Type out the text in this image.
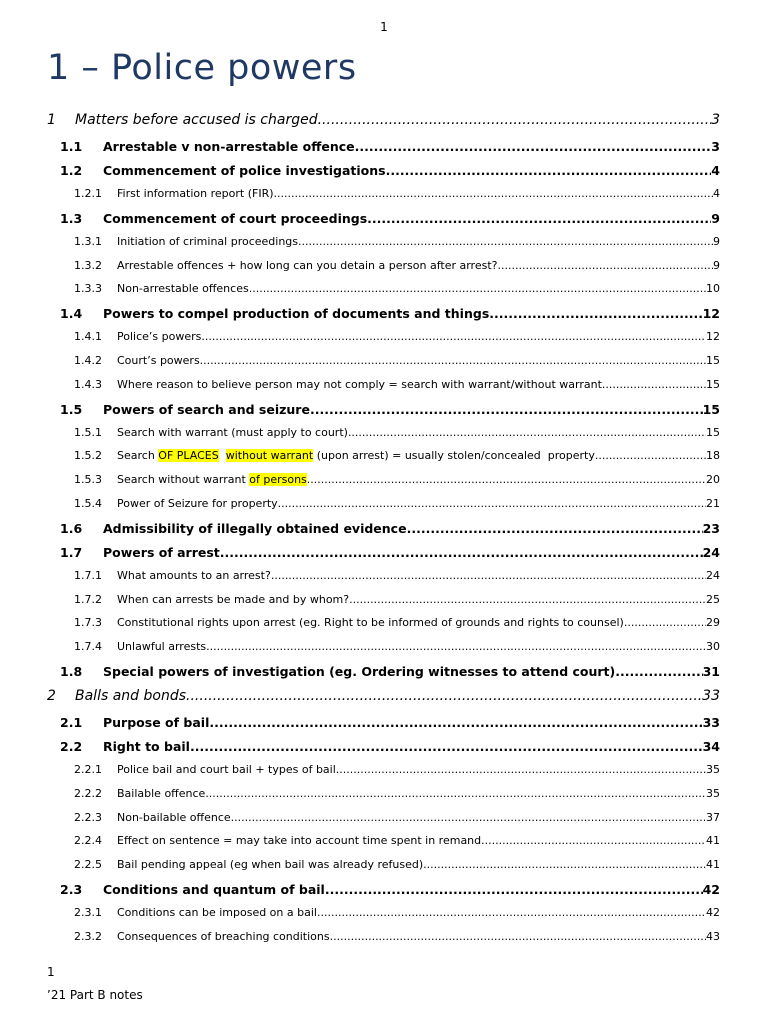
1
1 – Police powers
1	Matters before accused is charged .....	3
1.1	Arrestable v non-arrestable offence .....	3
1.2	Commencement of police investigations .....	4
1.2.1	First information report (FIR) .....	4
1.3	Commencement of court proceedings .....	9
1.3.1	Initiation of criminal proceedings .....	9
1.3.2	Arrestable offences + how long can you detain a person after arrest? .....	9
1.3.3	Non-arrestable offences .....	10
1.4	Powers to compel production of documents and things .....	12
1.4.1	Police’s powers .....	12
1.4.2	Court’s powers .....	15
1.4.3	Where reason to believe person may not comply = search with warrant/without warrant .....	15
1.5	Powers of search and seizure .....	15
1.5.1	Search with warrant (must apply to court) .....	15
1.5.2	Search OF PLACES without warrant (upon arrest) = usually stolen/concealed  property .....	18
1.5.3	Search without warrant of persons .....	20
1.5.4	Power of Seizure for property .....	21
1.6	Admissibility of illegally obtained evidence .....	23
1.7	Powers of arrest .....	24
1.7.1	What amounts to an arrest? .....	24
1.7.2	When can arrests be made and by whom? .....	25
1.7.3	Constitutional rights upon arrest (eg. Right to be informed of grounds and rights to counsel) .....	29
1.7.4	Unlawful arrests .....	30
1.8	Special powers of investigation (eg. Ordering witnesses to attend court) .....	31
2	Balls and bonds .....	33
2.1	Purpose of bail .....	33
2.2	Right to bail .....	34
2.2.1	Police bail and court bail + types of bail .....	35
2.2.2	Bailable offence .....	35
2.2.3	Non-bailable offence .....	37
2.2.4	Effect on sentence = may take into account time spent in remand .....	41
2.2.5	Bail pending appeal (eg when bail was already refused) .....	41
2.3	Conditions and quantum of bail .....	42
2.3.1	Conditions can be imposed on a bail .....	42
2.3.2	Consequences of breaching conditions .....	43
1
’21 Part B notes
